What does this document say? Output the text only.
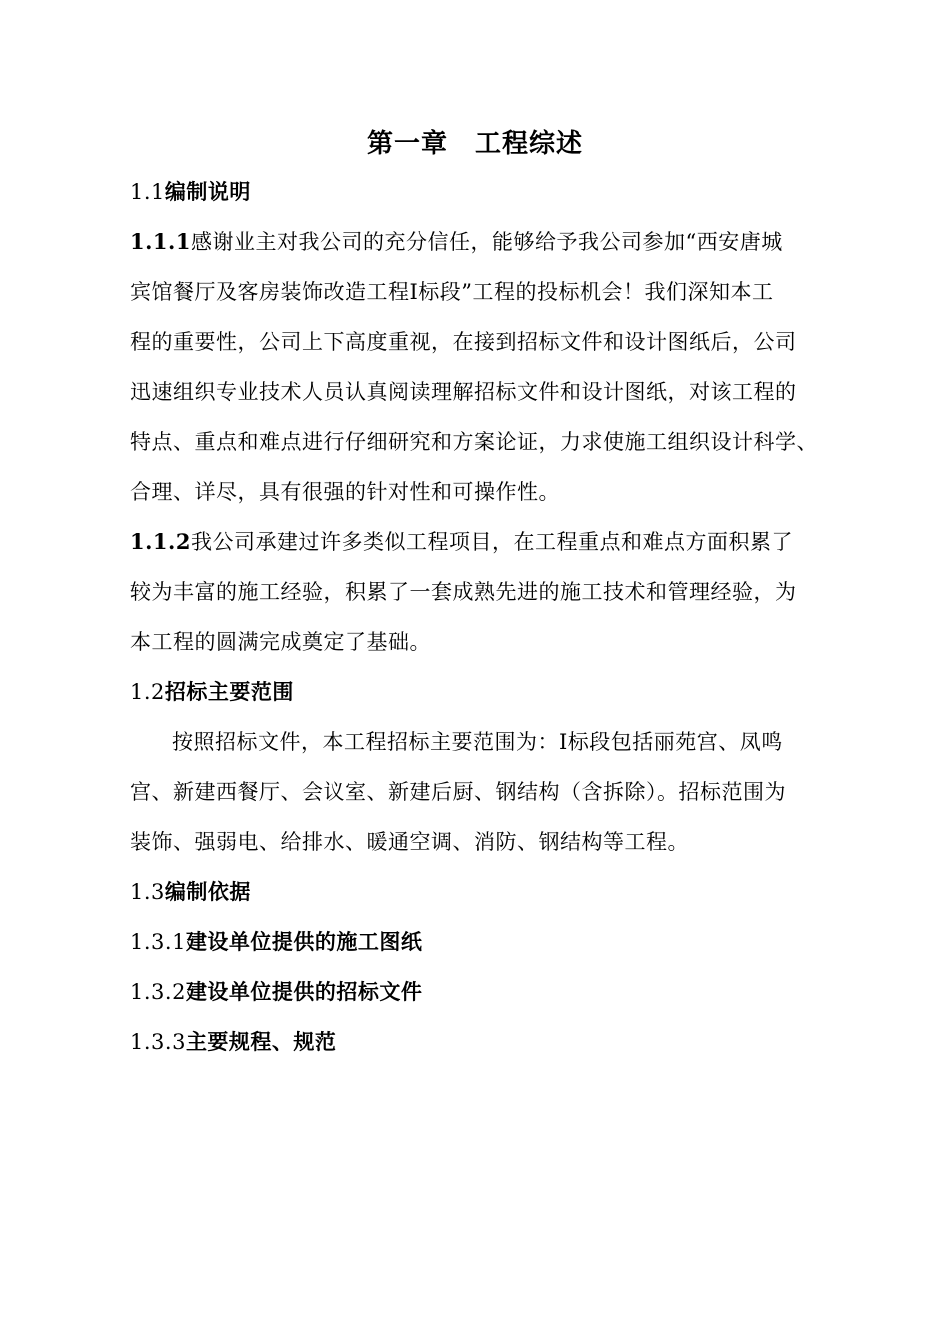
第一章　工程综述
1.1编制说明
1.1.1感谢业主对我公司的充分信任，能够给予我公司参加“西安唐城
宾馆餐厅及客房装饰改造工程Ⅰ标段”工程的投标机会！我们深知本工
程的重要性，公司上下高度重视，在接到招标文件和设计图纸后，公司
迅速组织专业技术人员认真阅读理解招标文件和设计图纸，对该工程的
特点、重点和难点进行仔细研究和方案论证，力求使施工组织设计科学、
合理、详尽，具有很强的针对性和可操作性。
1.1.2我公司承建过许多类似工程项目，在工程重点和难点方面积累了
较为丰富的施工经验，积累了一套成熟先进的施工技术和管理经验，为
本工程的圆满完成奠定了基础。
1.2招标主要范围
按照招标文件，本工程招标主要范围为：Ⅰ标段包括丽苑宫、凤鸣
宫、新建西餐厅、会议室、新建后厨、钢结构（含拆除）。招标范围为
装饰、强弱电、给排水、暖通空调、消防、钢结构等工程。
1.3编制依据
1.3.1建设单位提供的施工图纸
1.3.2建设单位提供的招标文件
1.3.3主要规程、规范
